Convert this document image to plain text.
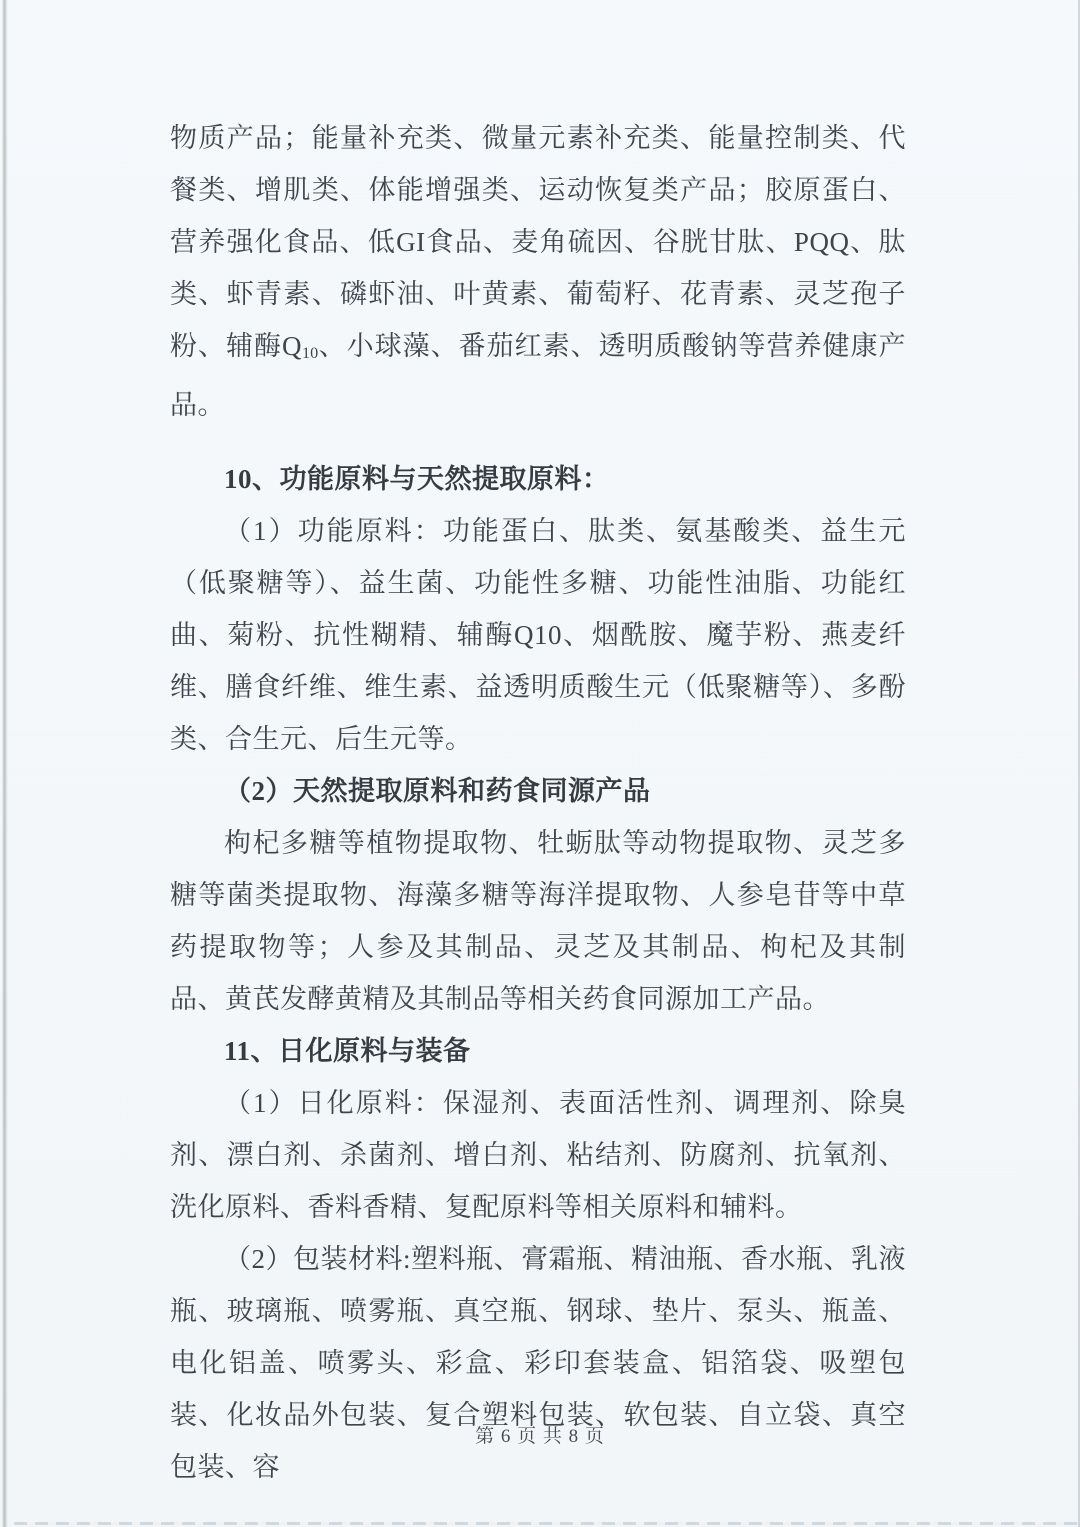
物质产品；能量补充类、微量元素补充类、能量控制类、代餐类、增肌类、体能增强类、运动恢复类产品；胶原蛋白、营养强化食品、低GI食品、麦角硫因、谷胱甘肽、PQQ、肽类、虾青素、磷虾油、叶黄素、葡萄籽、花青素、灵芝孢子粉、辅酶Q10、小球藻、番茄红素、透明质酸钠等营养健康产品。

10、功能原料与天然提取原料：

（1）功能原料：功能蛋白、肽类、氨基酸类、益生元（低聚糖等）、益生菌、功能性多糖、功能性油脂、功能红曲、菊粉、抗性糊精、辅酶Q10、烟酰胺、魔芋粉、燕麦纤维、膳食纤维、维生素、益透明质酸生元（低聚糖等）、多酚类、合生元、后生元等。

（2）天然提取原料和药食同源产品

枸杞多糖等植物提取物、牡蛎肽等动物提取物、灵芝多糖等菌类提取物、海藻多糖等海洋提取物、人参皂苷等中草药提取物等；人参及其制品、灵芝及其制品、枸杞及其制品、黄芪发酵黄精及其制品等相关药食同源加工产品。

11、日化原料与装备

（1）日化原料：保湿剂、表面活性剂、调理剂、除臭剂、漂白剂、杀菌剂、增白剂、粘结剂、防腐剂、抗氧剂、洗化原料、香料香精、复配原料等相关原料和辅料。

（2）包装材料:塑料瓶、膏霜瓶、精油瓶、香水瓶、乳液瓶、玻璃瓶、喷雾瓶、真空瓶、钢球、垫片、泵头、瓶盖、电化铝盖、喷雾头、彩盒、彩印套装盒、铝箔袋、吸塑包装、化妆品外包装、复合塑料包装、软包装、自立袋、真空包装、容

第 6 页 共 8 页
